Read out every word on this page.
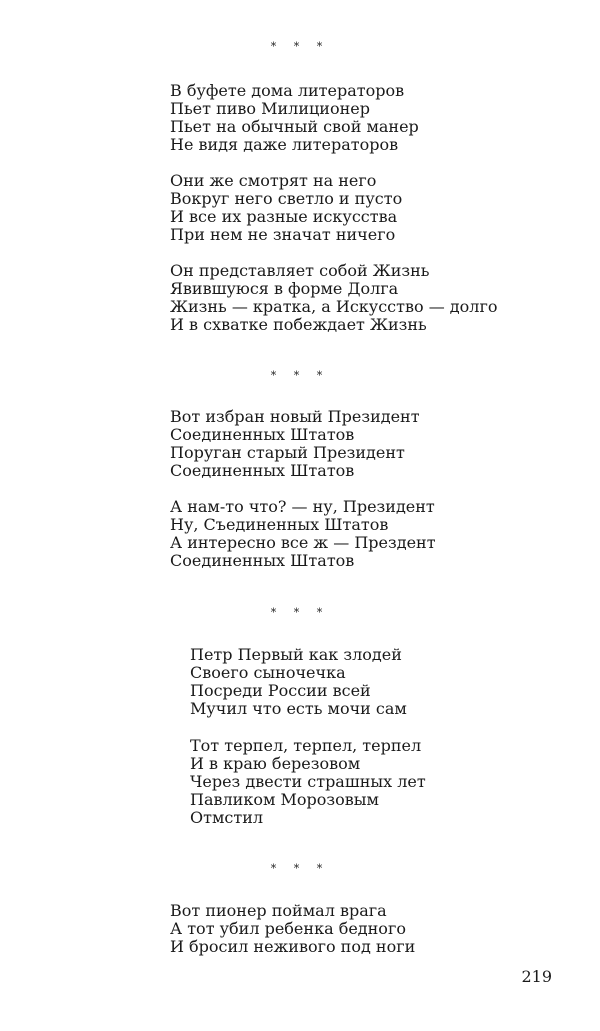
* * *
В буфете дома литераторов
Пьет пиво Милиционер
Пьет на обычный свой манер
Не видя даже литераторов
Они же смотрят на него
Вокруг него светло и пусто
И все их разные искусства
При нем не значат ничего
Он представляет собой Жизнь
Явившуюся в форме Долга
Жизнь — кратка, а Искусство — долго
И в схватке побеждает Жизнь
* * *
Вот избран новый Президент
Соединенных Штатов
Поруган старый Президент
Соединенных Штатов
А нам-то что? — ну, Президент
Ну, Съединенных Штатов
А интересно все ж — Прездент
Соединенных Штатов
* * *
Петр Первый как злодей
Своего сыночечка
Посреди России всей
Мучил что есть мочи сам
Тот терпел, терпел, терпел
И в краю березовом
Через двести страшных лет
Павликом Морозовым
Отмстил
* * *
Вот пионер поймал врага
А тот убил ребенка бедного
И бросил неживого под ноги
219
